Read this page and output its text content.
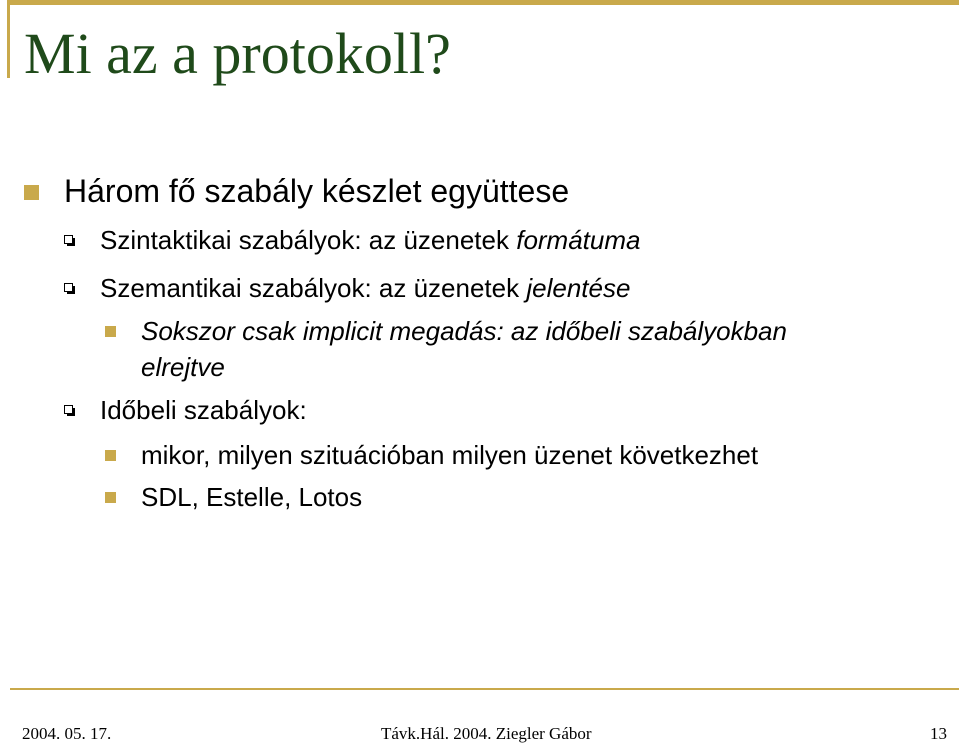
Mi az a protokoll?
Három fő szabály készlet együttese
Szintaktikai szabályok: az üzenetek formátuma
Szemantikai szabályok: az üzenetek jelentése
Sokszor csak implicit megadás: az időbeli szabályokban
elrejtve
Időbeli szabályok:
mikor, milyen szituációban milyen üzenet következhet
SDL, Estelle, Lotos
2004. 05. 17.	Távk.Hál. 2004. Ziegler Gábor	13
